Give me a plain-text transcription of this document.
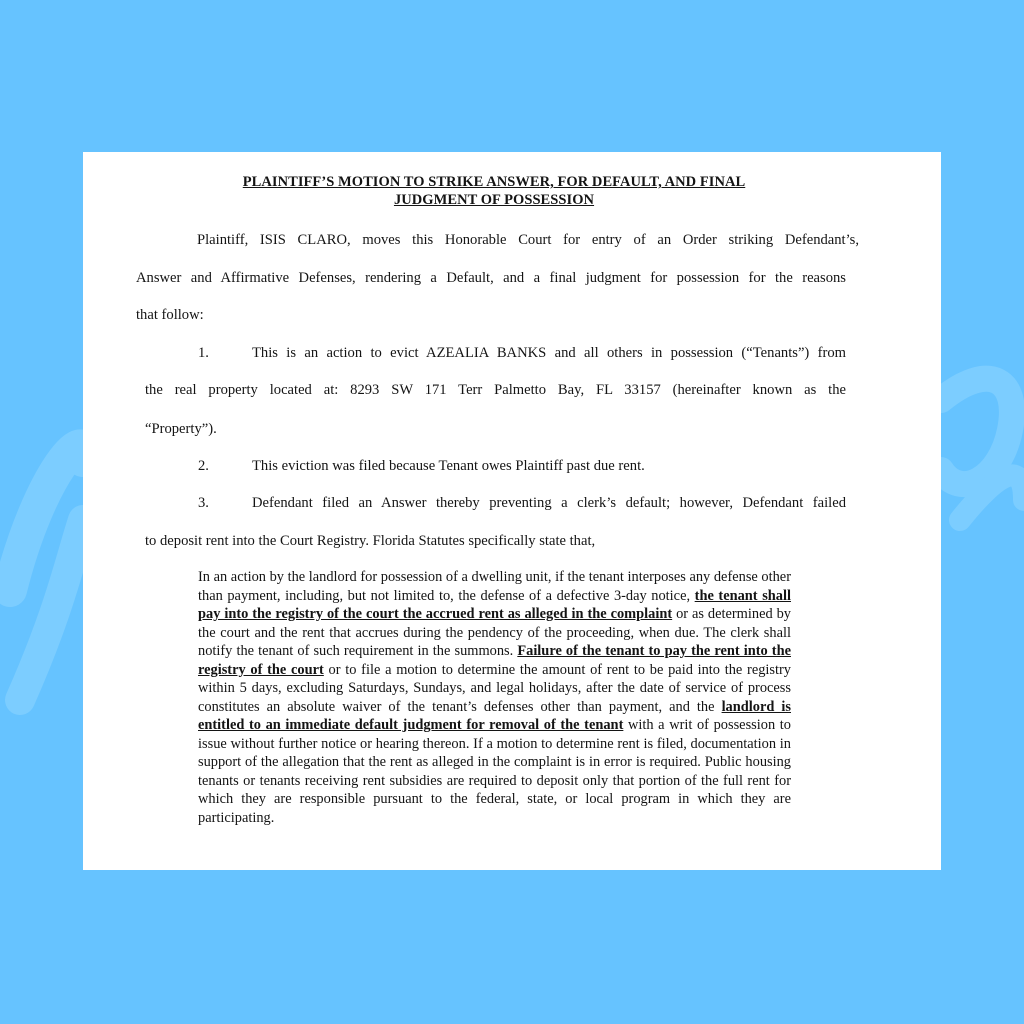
PLAINTIFF’S MOTION TO STRIKE ANSWER, FOR DEFAULT, AND FINAL
JUDGMENT OF POSSESSION
Plaintiff, ISIS CLARO, moves this Honorable Court for entry of an Order striking Defendant’s,
Answer and Affirmative Defenses, rendering a Default, and a final judgment for possession for the reasons
that follow:
1.	This is an action to evict AZEALIA BANKS and all others in possession (“Tenants”) from
the real property located at: 8293 SW 171 Terr Palmetto Bay, FL 33157 (hereinafter known as the
“Property”).
2.	This eviction was filed because Tenant owes Plaintiff past due rent.
3.	Defendant filed an Answer thereby preventing a clerk’s default; however, Defendant failed
to deposit rent into the Court Registry. Florida Statutes specifically state that,
In an action by the landlord for possession of a dwelling unit, if the tenant interposes any defense other than payment, including, but not limited to, the defense of a defective 3-day notice, the tenant shall pay into the registry of the court the accrued rent as alleged in the complaint or as determined by the court and the rent that accrues during the pendency of the proceeding, when due. The clerk shall notify the tenant of such requirement in the summons. Failure of the tenant to pay the rent into the registry of the court or to file a motion to determine the amount of rent to be paid into the registry within 5 days, excluding Saturdays, Sundays, and legal holidays, after the date of service of process constitutes an absolute waiver of the tenant’s defenses other than payment, and the landlord is entitled to an immediate default judgment for removal of the tenant with a writ of possession to issue without further notice or hearing thereon. If a motion to determine rent is filed, documentation in support of the allegation that the rent as alleged in the complaint is in error is required. Public housing tenants or tenants receiving rent subsidies are required to deposit only that portion of the full rent for which they are responsible pursuant to the federal, state, or local program in which they are participating.
